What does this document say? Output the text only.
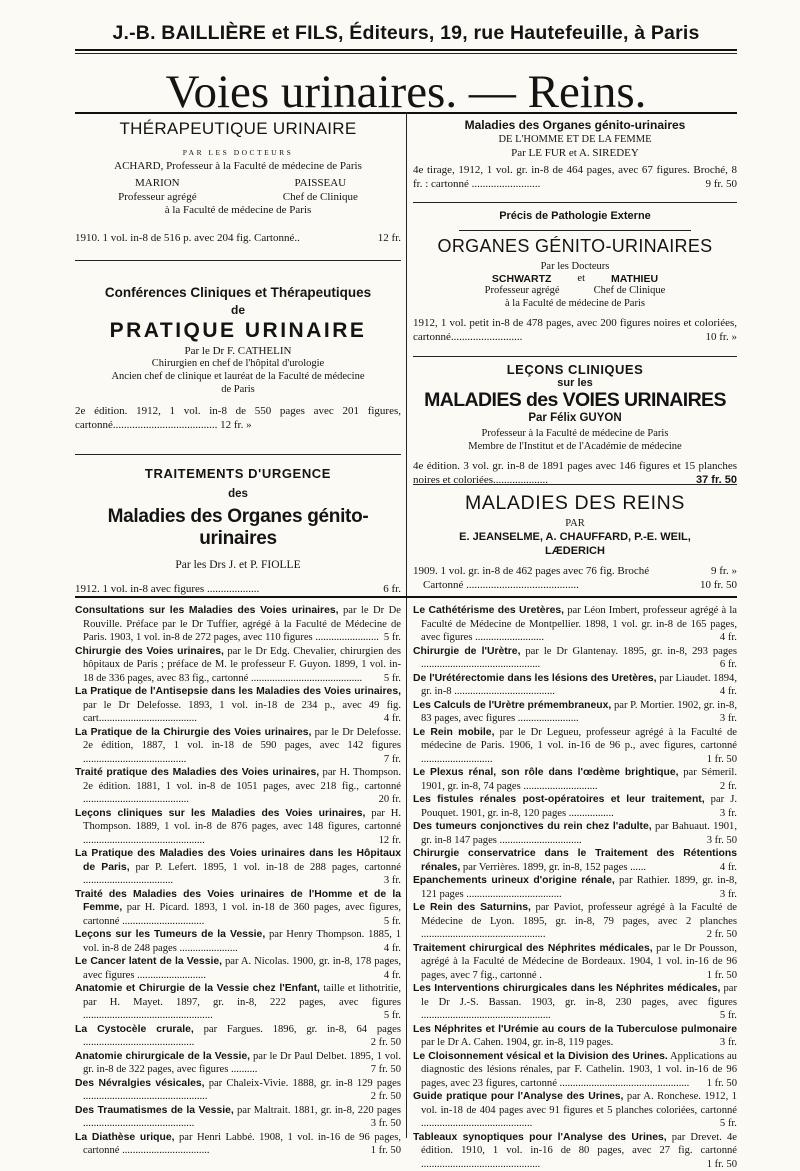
J.-B. BAILLIÈRE et FILS, Éditeurs, 19, rue Hautefeuille, à Paris
Voies urinaires. — Reins.
THÉRAPEUTIQUE URINAIRE
PAR LES DOCTEURS
ACHARD, Professeur à la Faculté de médecine de Paris
MARION
Professeur agrégé
PAISSEAU
Chef de Clinique
à la Faculté de médecine de Paris
1910. 1 vol. in-8 de 516 p. avec 204 fig. Cartonné..	12 fr.
Conférences Cliniques et Thérapeutiques
de
PRATIQUE URINAIRE
Par le Dr F. CATHELIN
Chirurgien en chef de l'hôpital d'urologie
Ancien chef de clinique et lauréat de la Faculté de médecine
de Paris
2e édition. 1912, 1 vol. in-8 de 550 pages avec 201 figures, cartonné...................................... 12 fr. »
TRAITEMENTS D'URGENCE
des
Maladies des Organes génito-urinaires
Par les Drs J. et P. FIOLLE
1912. 1 vol. in-8 avec figures ...................	6 fr.
Maladies des Organes génito-urinaires
DE L'HOMME ET DE LA FEMME
Par LE FUR et A. SIREDEY
4e tirage, 1912, 1 vol. gr. in-8 de 464 pages, avec 67 figures. Broché, 8 fr. : cartonné .........................	9 fr. 50
Précis de Pathologie Externe
ORGANES GÉNITO-URINAIRES
Par les Docteurs
SCHWARTZ et MATHIEU
Professeur agrégé	Chef de Clinique
à la Faculté de médecine de Paris
1912, 1 vol. petit in-8 de 478 pages, avec 200 figures noires et coloriées, cartonné..........................	10 fr. »
LEÇONS CLINIQUES
sur les
MALADIES des VOIES URINAIRES
Par Félix GUYON
Professeur à la Faculté de médecine de Paris
Membre de l'Institut et de l'Académie de médecine
4e édition. 3 vol. gr. in-8 de 1891 pages avec 146 figures et 15 planches noires et coloriées....................	37 fr. 50
MALADIES DES REINS
PAR
E. JEANSELME, A. CHAUFFARD, P.-E. WEIL,
LÆDERICH
1909. 1 vol. gr. in-8 de 462 pages avec 76 fig. Broché	9 fr. »
Cartonné .........................................	10 fr. 50
Consultations sur les Maladies des Voies urinaires, par le Dr De Rouville. Préface par le Dr Tuffier, agrégé à la Faculté de Médecine de Paris. 1903, 1 vol. in-8 de 272 pages, avec 110 figures ........................ 5 fr.
Chirurgie des Voies urinaires, par le Dr Edg. Chevalier, chirurgien des hôpitaux de Paris ; préface de M. le professeur F. Guyon. 1899, 1 vol. in-18 de 336 pages, avec 83 fig., cartonné .......................................... 5 fr.
La Pratique de l'Antisepsie dans les Maladies des Voies urinaires, par le Dr Delefosse. 1893, 1 vol. in-18 de 234 p., avec 49 fig. cart.....................................	4 fr.
La Pratique de la Chirurgie des Voies urinaires, par le Dr Delefosse. 2e édition, 1887, 1 vol. in-18 de 590 pages, avec 142 figures .......................................	7 fr.
Traité pratique des Maladies des Voies urinaires, par H. Thompson. 2e édition. 1881, 1 vol. in-8 de 1051 pages, avec 218 fig., cartonné ........................................	20 fr.
Leçons cliniques sur les Maladies des Voies urinaires, par H. Thompson. 1889, 1 vol. in-8 de 876 pages, avec 148 figures, cartonné ..............................................	12 fr.
La Pratique des Maladies des Voies urinaires dans les Hôpitaux de Paris, par P. Lefert. 1895, 1 vol. in-18 de 288 pages, cartonné ..................................	3 fr.
Traité des Maladies des Voies urinaires de l'Homme et de la Femme, par H. Picard. 1893, 1 vol. in-18 de 360 pages, avec figures, cartonné ...............................	5 fr.
Leçons sur les Tumeurs de la Vessie, par Henry Thompson. 1885, 1 vol. in-8 de 248 pages ......................	4 fr.
Le Cancer latent de la Vessie, par A. Nicolas. 1900, gr. in-8, 178 pages, avec figures ..........................	4 fr.
Anatomie et Chirurgie de la Vessie chez l'Enfant, taille et lithotritie, par H. Mayet. 1897, gr. in-8, 222 pages, avec figures .................................................	5 fr.
La Cystocèle crurale, par Fargues. 1896, gr. in-8, 64 pages ..........................................	2 fr. 50
Anatomie chirurgicale de la Vessie, par le Dr Paul Delbet. 1895, 1 vol. gr. in-8 de 322 pages, avec figures ..........	7 fr. 50
Des Névralgies vésicales, par Chaleix-Vivie. 1888, gr. in-8 129 pages ...............................................	2 fr. 50
Des Traumatismes de la Vessie, par Maltrait. 1881, gr. in-8, 220 pages ..........................................	3 fr. 50
La Diathèse urique, par Henri Labbé. 1908, 1 vol. in-16 de 96 pages, cartonné .................................	1 fr. 50
Le Cathétérisme des Uretères, par Léon Imbert, professeur agrégé à la Faculté de Médecine de Montpellier. 1898, 1 vol. gr. in-8 de 165 pages, avec figures ..........................	4 fr.
Chirurgie de l'Urètre, par le Dr Glantenay. 1895, gr. in-8, 293 pages .............................................	6 fr.
De l'Urétérectomie dans les lésions des Uretères, par Liaudet. 1894, gr. in-8 ......................................	4 fr.
Les Calculs de l'Urètre prémembraneux, par P. Mortier. 1902, gr. in-8, 83 pages, avec figures .......................	3 fr.
Le Rein mobile, par le Dr Legueu, professeur agrégé à la Faculté de médecine de Paris. 1906, 1 vol. in-16 de 96 p., avec figures, cartonné ...........................	1 fr. 50
Le Plexus rénal, son rôle dans l'œdème brightique, par Sémeril. 1901, gr. in-8, 74 pages ............................	2 fr.
Les fistules rénales post-opératoires et leur traitement, par J. Pouquet. 1901, gr. in-8, 120 pages .................	3 fr.
Des tumeurs conjonctives du rein chez l'adulte, par Bahuaut. 1901, gr. in-8 147 pages ...............................	3 fr. 50
Chirurgie conservatrice dans le Traitement des Rétentions rénales, par Verrières. 1899, gr. in-8, 152 pages ......	4 fr.
Epanchements urineux d'origine rénale, par Rathier. 1899, gr. in-8, 121 pages ....................................	3 fr.
Le Rein des Saturnins, par Paviot, professeur agrégé à la Faculté de Médecine de Lyon. 1895, gr. in-8, 79 pages, avec 2 planches ...............................................	2 fr. 50
Traitement chirurgical des Néphrites médicales, par le Dr Pousson, agrégé à la Faculté de Médecine de Bordeaux. 1904, 1 vol. in-16 de 96 pages, avec 7 fig., cartonné .	1 fr. 50
Les Interventions chirurgicales dans les Néphrites médicales, par le Dr J.-S. Bassan. 1903, gr. in-8, 230 pages, avec figures .................................................	5 fr.
Les Néphrites et l'Urémie au cours de la Tuberculose pulmonaire par le Dr A. Cahen. 1904, gr. in-8, 119 pages.	3 fr.
Le Cloisonnement vésical et la Division des Urines. Applications au diagnostic des lésions rénales, par F. Cathelin. 1903, 1 vol. in-16 de 96 pages, avec 23 figures, cartonné ................................................. 1 fr. 50
Guide pratique pour l'Analyse des Urines, par A. Ronchese. 1912, 1 vol. in-18 de 404 pages avec 91 figures et 5 planches coloriées, cartonné ..........................................	5 fr.
Tableaux synoptiques pour l'Analyse des Urines, par Drevet. 4e édition. 1910, 1 vol. in-16 de 80 pages, avec 27 fig. cartonné .............................................	1 fr. 50
